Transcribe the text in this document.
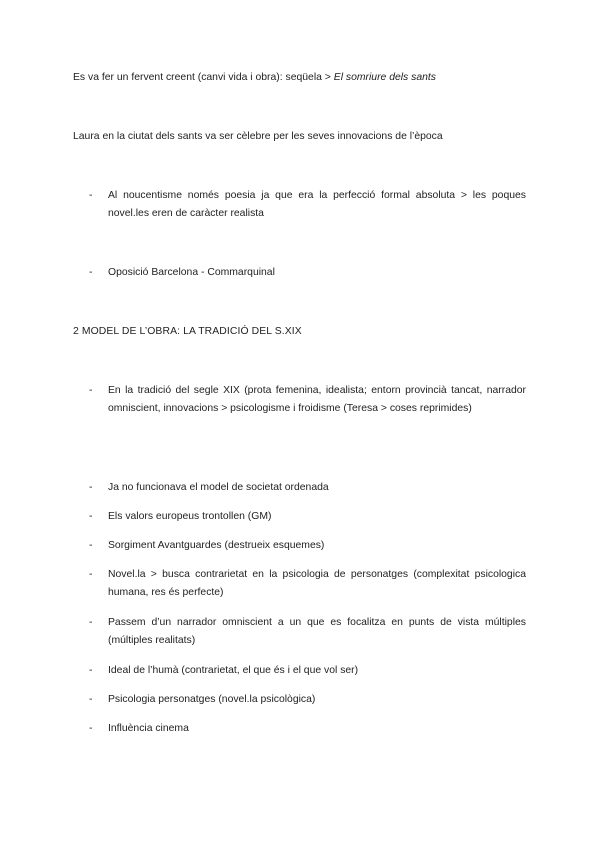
Es va fer un fervent creent (canvi vida i obra): seqüela > El somriure dels sants
Laura en la ciutat dels sants va ser cèlebre per les seves innovacions de l’època
- Al noucentisme només poesia ja que era la perfecció formal absoluta > les poques novel.les eren de caràcter realista
- Oposició Barcelona - Commarquinal
2 MODEL DE L’OBRA: LA TRADICIÓ DEL S.XIX
- En la tradició del segle XIX (prota femenina, idealista; entorn provincià tancat, narrador omniscient, innovacions > psicologisme i froidisme (Teresa > coses reprimides)
- Ja no funcionava el model de societat ordenada
- Els valors europeus trontollen (GM)
- Sorgiment Avantguardes (destrueix esquemes)
- Novel.la > busca contrarietat en la psicologia de personatges (complexitat psicologica humana, res és perfecte)
- Passem d’un narrador omniscient a un que es focalitza en punts de vista múltiples (múltiples realitats)
- Ideal de l’humà (contrarietat, el que és i el que vol ser)
- Psicologia personatges (novel.la psicològica)
- Influència cinema
